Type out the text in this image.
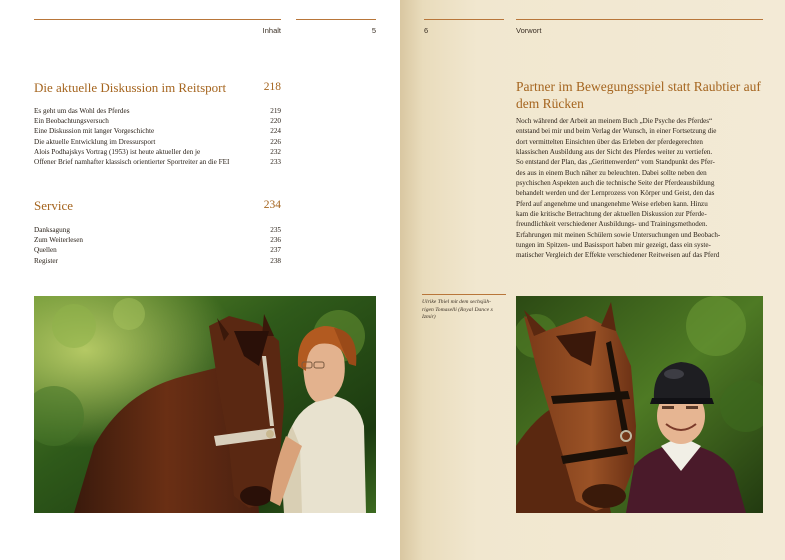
Inhalt	5
Die aktuelle Diskussion im Reitsport	218
Es geht um das Wohl des Pferdes	219
Ein Beobachtungsversuch	220
Eine Diskussion mit langer Vorgeschichte	224
Die aktuelle Entwicklung im Dressursport	226
Alois Podhajskys Vortrag (1953) ist heute aktueller den je	232
Offener Brief namhafter klassisch orientierter Sportreiter an die FEI	233
Service	234
Danksagung	235
Zum Weiterlesen	236
Quellen	237
Register	238
6	Vorwort
Partner im Bewegungsspiel statt Raubtier auf dem Rücken
Noch während der Arbeit an meinem Buch „Die Psyche des Pferdes“
entstand bei mir und beim Verlag der Wunsch, in einer Fortsetzung die
dort vermittelten Einsichten über das Erleben der pferdegerechten
klassischen Ausbildung aus der Sicht des Pferdes weiter zu vertiefen.
So entstand der Plan, das „Gerittenwerden“ vom Standpunkt des Pfer-
des aus in einem Buch näher zu beleuchten. Dabei sollte neben den
psychischen Aspekten auch die technische Seite der Pferdeausbildung
behandelt werden und der Lernprozess von Körper und Geist, den das
Pferd auf angenehme und unangenehme Weise erleben kann. Hinzu
kam die kritische Betrachtung der aktuellen Diskussion zur Pferde-
freundlichkeit verschiedener Ausbildungs- und Trainingsmethoden.
Erfahrungen mit meinen Schülern sowie Untersuchungen und Beobach-
tungen im Spitzen- und Basissport haben mir gezeigt, dass ein syste-
matischer Vergleich der Effekte verschiedener Reitweisen auf das Pferd
Ulrike Thiel mit dem sechsjäh-
rigen Tomaselli (Royal Dance x
Izmir)
